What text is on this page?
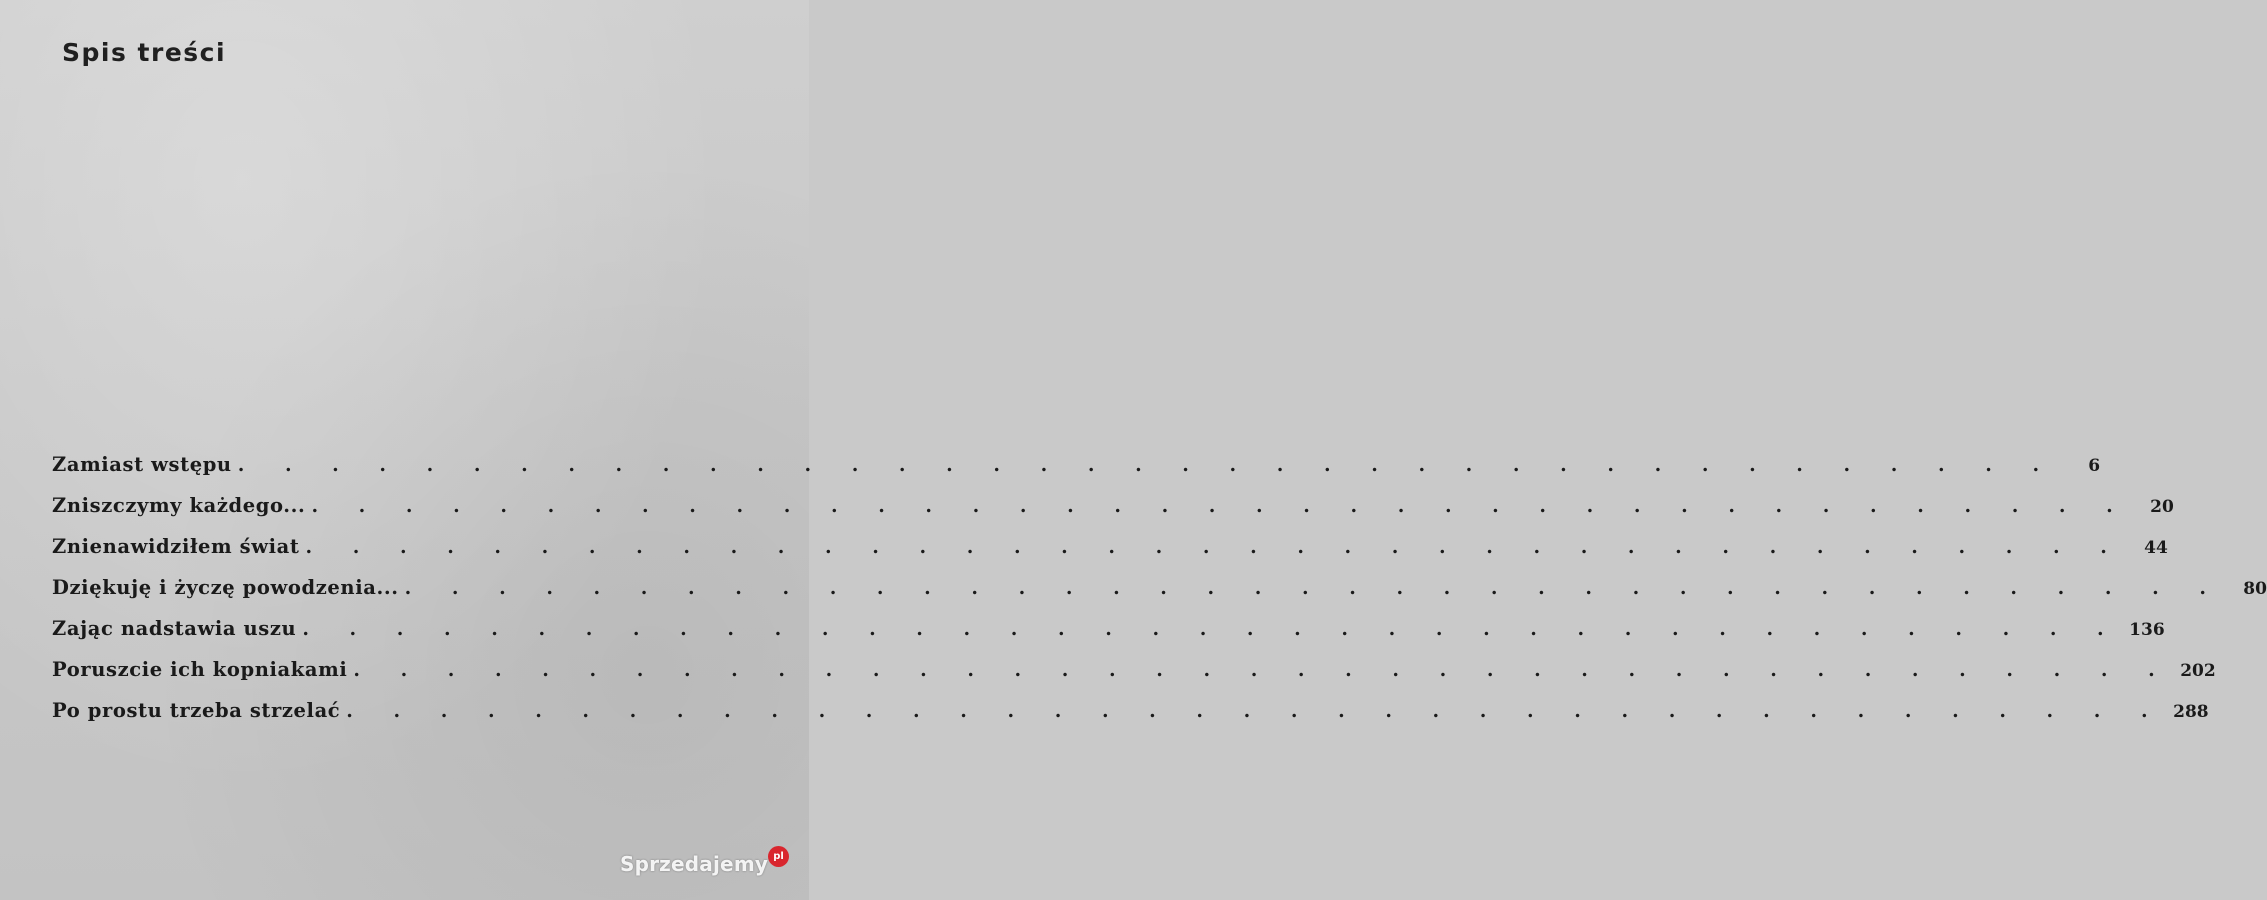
Spis treści
Zamiast wstępu . . . . . . . . . . . . . . . . . . . . . . . . . . . . . . . . . . . . . . .	6
Zniszczymy każdego... . . . . . . . . . . . . . . . . . . . . . . . . . . . . . . . . . . . . . . .	20
Znienawidziłem świat . . . . . . . . . . . . . . . . . . . . . . . . . . . . . . . . . . . . . . .	44
Dziękuję i życzę powodzenia... . . . . . . . . . . . . . . . . . . . . . . . . . . . . . . . . . . . . . . .	80
Zając nadstawia uszu . . . . . . . . . . . . . . . . . . . . . . . . . . . . . . . . . . . . . . . 136
Poruszcie ich kopniakami . . . . . . . . . . . . . . . . . . . . . . . . . . . . . . . . . . . . . . . 202
Po prostu trzeba strzelać . . . . . . . . . . . . . . . . . . . . . . . . . . . . . . . . . . . . . . . 288
Sprzedajemy pl
